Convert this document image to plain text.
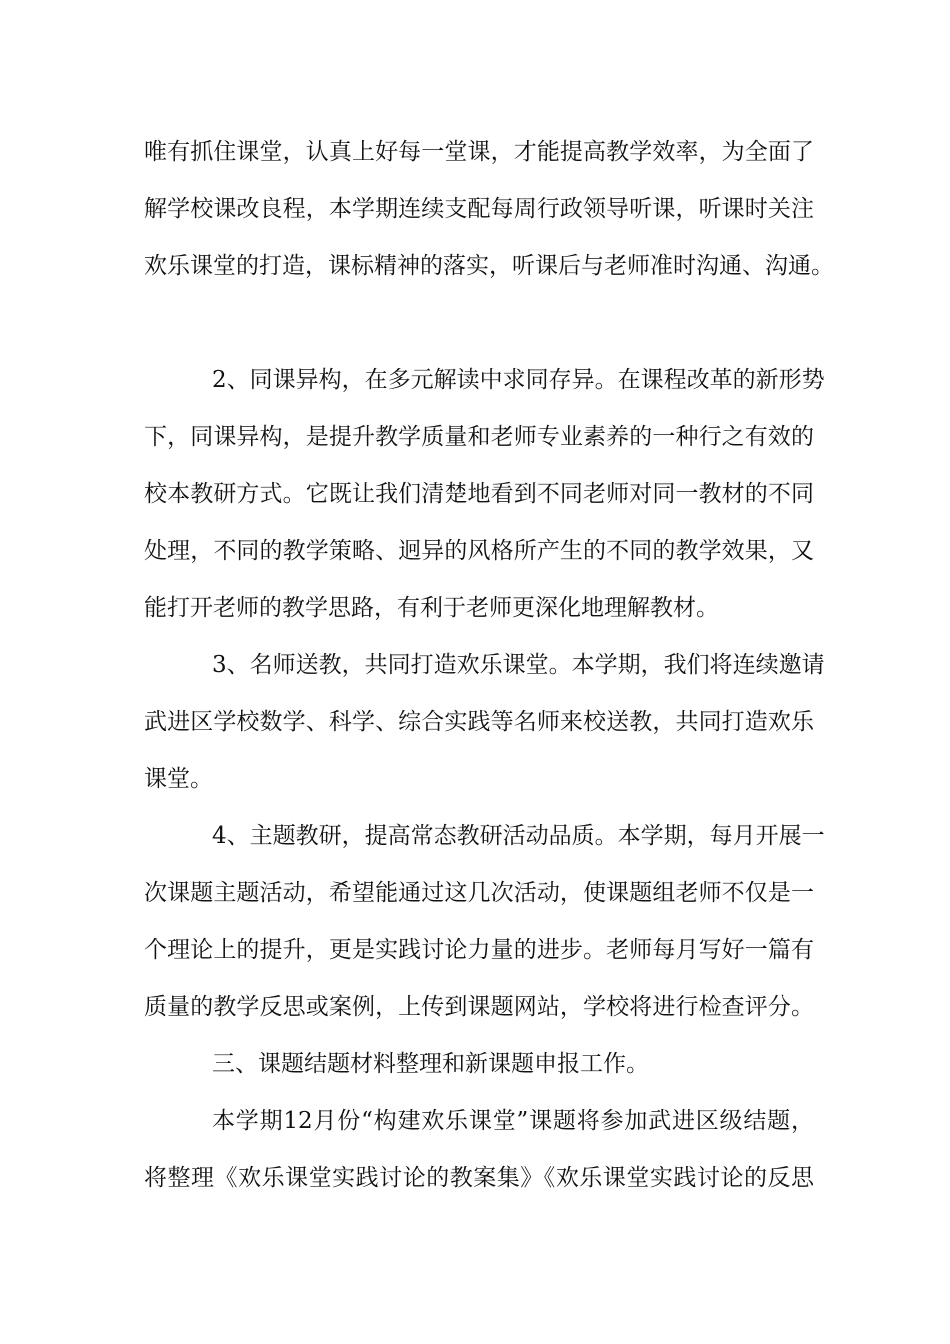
唯有抓住课堂，认真上好每一堂课，才能提高教学效率，为全面了
解学校课改良程，本学期连续支配每周行政领导听课，听课时关注
欢乐课堂的打造，课标精神的落实，听课后与老师准时沟通、沟通。
2、同课异构，在多元解读中求同存异。在课程改革的新形势
下，同课异构，是提升教学质量和老师专业素养的一种行之有效的
校本教研方式。它既让我们清楚地看到不同老师对同一教材的不同
处理，不同的教学策略、迥异的风格所产生的不同的教学效果，又
能打开老师的教学思路，有利于老师更深化地理解教材。
3、名师送教，共同打造欢乐课堂。本学期，我们将连续邀请
武进区学校数学、科学、综合实践等名师来校送教，共同打造欢乐
课堂。
4、主题教研，提高常态教研活动品质。本学期，每月开展一
次课题主题活动，希望能通过这几次活动，使课题组老师不仅是一
个理论上的提升，更是实践讨论力量的进步。老师每月写好一篇有
质量的教学反思或案例，上传到课题网站，学校将进行检查评分。
三、课题结题材料整理和新课题申报工作。
本学期12月份“构建欢乐课堂”课题将参加武进区级结题，
将整理《欢乐课堂实践讨论的教案集》《欢乐课堂实践讨论的反思
